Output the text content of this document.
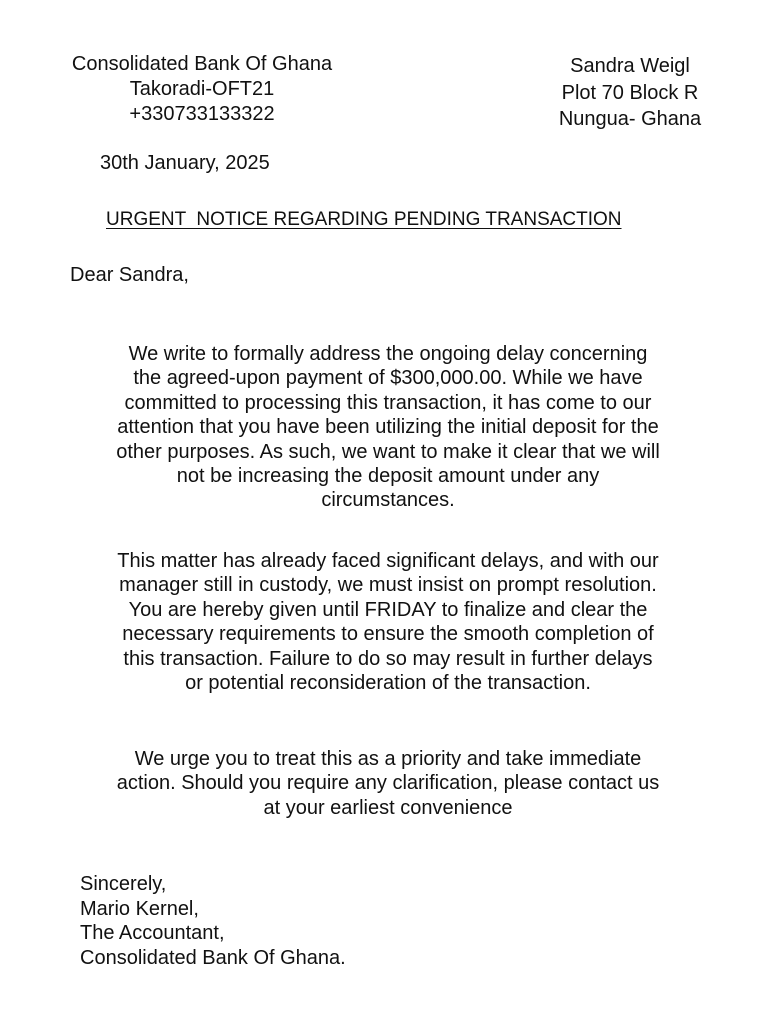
Consolidated Bank Of Ghana
Takoradi-OFT21
+330733133322
Sandra Weigl
Plot 70 Block R
Nungua- Ghana
30th January, 2025
URGENT  NOTICE REGARDING PENDING TRANSACTION
Dear Sandra,
We write to formally address the ongoing delay concerning
the agreed-upon payment of $300,000.00. While we have
committed to processing this transaction, it has come to our
attention that you have been utilizing the initial deposit for the
other purposes. As such, we want to make it clear that we will
not be increasing the deposit amount under any
circumstances.
This matter has already faced significant delays, and with our
manager still in custody, we must insist on prompt resolution.
You are hereby given until FRIDAY to finalize and clear the
necessary requirements to ensure the smooth completion of
this transaction. Failure to do so may result in further delays
or potential reconsideration of the transaction.
We urge you to treat this as a priority and take immediate
action. Should you require any clarification, please contact us
at your earliest convenience
Sincerely,
Mario Kernel,
The Accountant,
Consolidated Bank Of Ghana.
